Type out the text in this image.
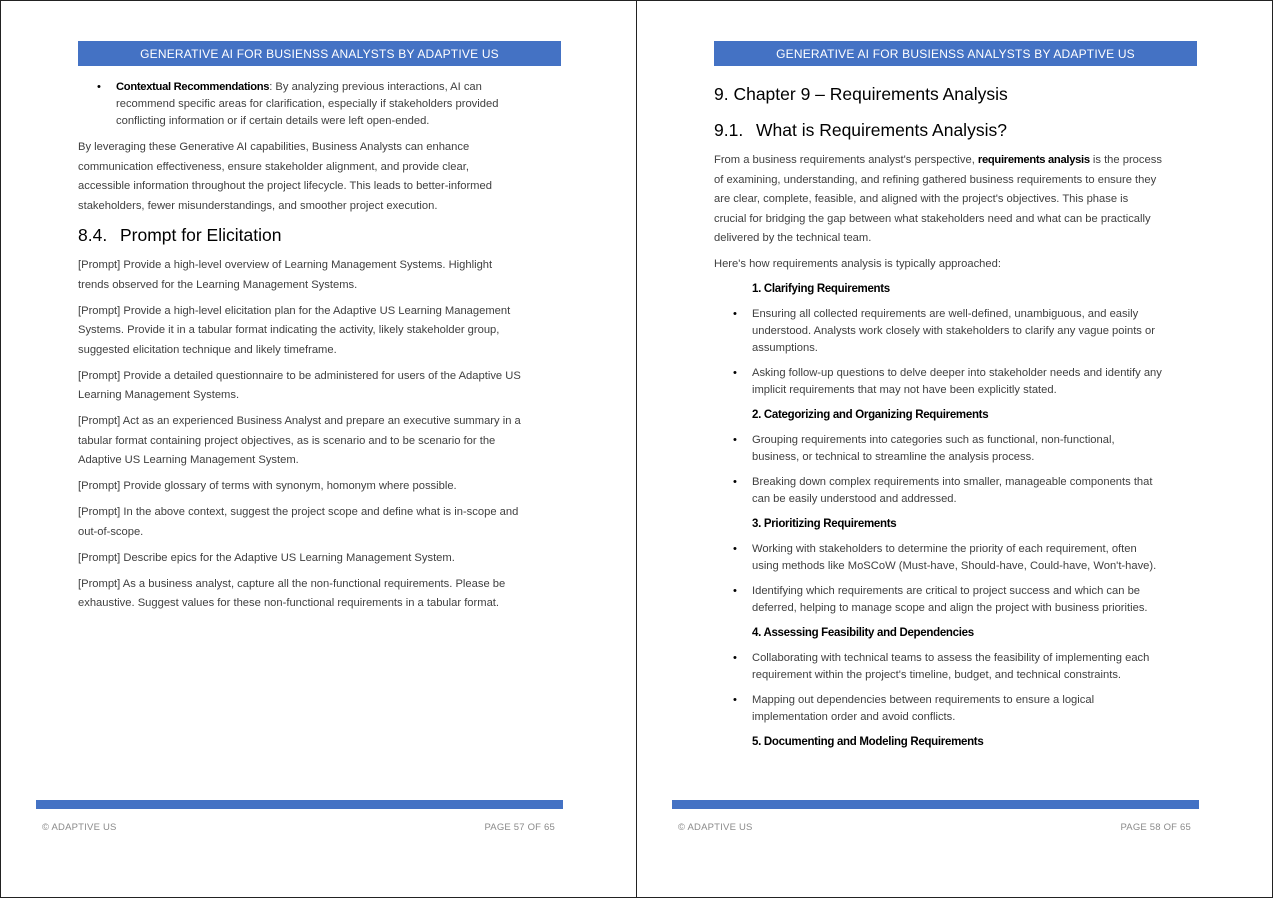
GENERATIVE AI FOR BUSIENSS ANALYSTS BY ADAPTIVE US
• Contextual Recommendations: By analyzing previous interactions, AI can recommend specific areas for clarification, especially if stakeholders provided conflicting information or if certain details were left open-ended.

By leveraging these Generative AI capabilities, Business Analysts can enhance communication effectiveness, ensure stakeholder alignment, and provide clear, accessible information throughout the project lifecycle. This leads to better-informed stakeholders, fewer misunderstandings, and smoother project execution.

8.4. Prompt for Elicitation

[Prompt] Provide a high-level overview of Learning Management Systems. Highlight trends observed for the Learning Management Systems.

[Prompt] Provide a high-level elicitation plan for the Adaptive US Learning Management Systems. Provide it in a tabular format indicating the activity, likely stakeholder group, suggested elicitation technique and likely timeframe.

[Prompt] Provide a detailed questionnaire to be administered for users of the Adaptive US Learning Management Systems.

[Prompt] Act as an experienced Business Analyst and prepare an executive summary in a tabular format containing project objectives, as is scenario and to be scenario for the Adaptive US Learning Management System.

[Prompt] Provide glossary of terms with synonym, homonym where possible.

[Prompt] In the above context, suggest the project scope and define what is in-scope and out-of-scope.

[Prompt] Describe epics for the Adaptive US Learning Management System.

[Prompt] As a business analyst, capture all the non-functional requirements. Please be exhaustive. Suggest values for these non-functional requirements in a tabular format.

© ADAPTIVE US	PAGE 57 OF 65
GENERATIVE AI FOR BUSIENSS ANALYSTS BY ADAPTIVE US
9. Chapter 9 – Requirements Analysis
9.1. What is Requirements Analysis?

From a business requirements analyst's perspective, requirements analysis is the process of examining, understanding, and refining gathered business requirements to ensure they are clear, complete, feasible, and aligned with the project's objectives. This phase is crucial for bridging the gap between what stakeholders need and what can be practically delivered by the technical team.

Here's how requirements analysis is typically approached:

1. Clarifying Requirements
• Ensuring all collected requirements are well-defined, unambiguous, and easily understood. Analysts work closely with stakeholders to clarify any vague points or assumptions.
• Asking follow-up questions to delve deeper into stakeholder needs and identify any implicit requirements that may not have been explicitly stated.
2. Categorizing and Organizing Requirements
• Grouping requirements into categories such as functional, non-functional, business, or technical to streamline the analysis process.
• Breaking down complex requirements into smaller, manageable components that can be easily understood and addressed.
3. Prioritizing Requirements
• Working with stakeholders to determine the priority of each requirement, often using methods like MoSCoW (Must-have, Should-have, Could-have, Won't-have).
• Identifying which requirements are critical to project success and which can be deferred, helping to manage scope and align the project with business priorities.
4. Assessing Feasibility and Dependencies
• Collaborating with technical teams to assess the feasibility of implementing each requirement within the project's timeline, budget, and technical constraints.
• Mapping out dependencies between requirements to ensure a logical implementation order and avoid conflicts.
5. Documenting and Modeling Requirements
© ADAPTIVE US	PAGE 58 OF 65
